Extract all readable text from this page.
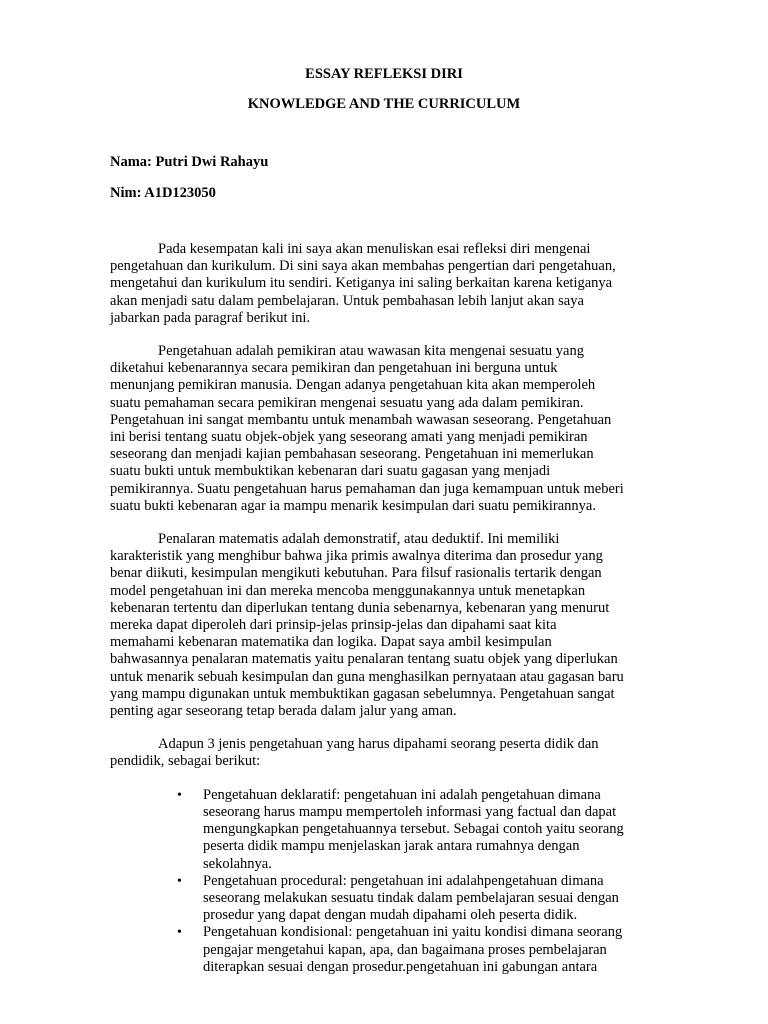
ESSAY REFLEKSI DIRI

KNOWLEDGE AND THE CURRICULUM

Nama: Putri Dwi Rahayu

Nim: A1D123050

Pada kesempatan kali ini saya akan menuliskan esai refleksi diri mengenai
pengetahuan dan kurikulum. Di sini saya akan membahas pengertian dari pengetahuan,
mengetahui dan kurikulum itu sendiri. Ketiganya ini saling berkaitan karena ketiganya
akan menjadi satu dalam pembelajaran. Untuk pembahasan lebih lanjut akan saya
jabarkan pada paragraf berikut ini.

Pengetahuan adalah pemikiran atau wawasan kita mengenai sesuatu yang
diketahui kebenarannya secara pemikiran dan pengetahuan ini berguna untuk
menunjang pemikiran manusia. Dengan adanya pengetahuan kita akan memperoleh
suatu pemahaman secara pemikiran mengenai sesuatu yang ada dalam pemikiran.
Pengetahuan ini sangat membantu untuk menambah wawasan seseorang. Pengetahuan
ini berisi tentang suatu objek-objek yang seseorang amati yang menjadi pemikiran
seseorang dan menjadi kajian pembahasan seseorang. Pengetahuan ini memerlukan
suatu bukti untuk membuktikan kebenaran dari suatu gagasan yang menjadi
pemikirannya. Suatu pengetahuan harus pemahaman dan juga kemampuan untuk meberi
suatu bukti kebenaran agar ia mampu menarik kesimpulan dari suatu pemikirannya.

Penalaran matematis adalah demonstratif, atau deduktif. Ini memiliki
karakteristik yang menghibur bahwa jika primis awalnya diterima dan prosedur yang
benar diikuti, kesimpulan mengikuti kebutuhan. Para filsuf rasionalis tertarik dengan
model pengetahuan ini dan mereka mencoba menggunakannya untuk menetapkan
kebenaran tertentu dan diperlukan tentang dunia sebenarnya, kebenaran yang menurut
mereka dapat diperoleh dari prinsip-jelas prinsip-jelas dan dipahami saat kita
memahami kebenaran matematika dan logika. Dapat saya ambil kesimpulan
bahwasannya penalaran matematis yaitu penalaran tentang suatu objek yang diperlukan
untuk menarik sebuah kesimpulan dan guna menghasilkan pernyataan atau gagasan baru
yang mampu digunakan untuk membuktikan gagasan sebelumnya. Pengetahuan sangat
penting agar seseorang tetap berada dalam jalur yang aman.

Adapun 3 jenis pengetahuan yang harus dipahami seorang peserta didik dan
pendidik, sebagai berikut:

• Pengetahuan deklaratif: pengetahuan ini adalah pengetahuan dimana
seseorang harus mampu mempertoleh informasi yang factual dan dapat
mengungkapkan pengetahuannya tersebut. Sebagai contoh yaitu seorang
peserta didik mampu menjelaskan jarak antara rumahnya dengan
sekolahnya.
• Pengetahuan procedural: pengetahuan ini adalahpengetahuan dimana
seseorang melakukan sesuatu tindak dalam pembelajaran sesuai dengan
prosedur yang dapat dengan mudah dipahami oleh peserta didik.
• Pengetahuan kondisional: pengetahuan ini yaitu kondisi dimana seorang
pengajar mengetahui kapan, apa, dan bagaimana proses pembelajaran
diterapkan sesuai dengan prosedur.pengetahuan ini gabungan antara
